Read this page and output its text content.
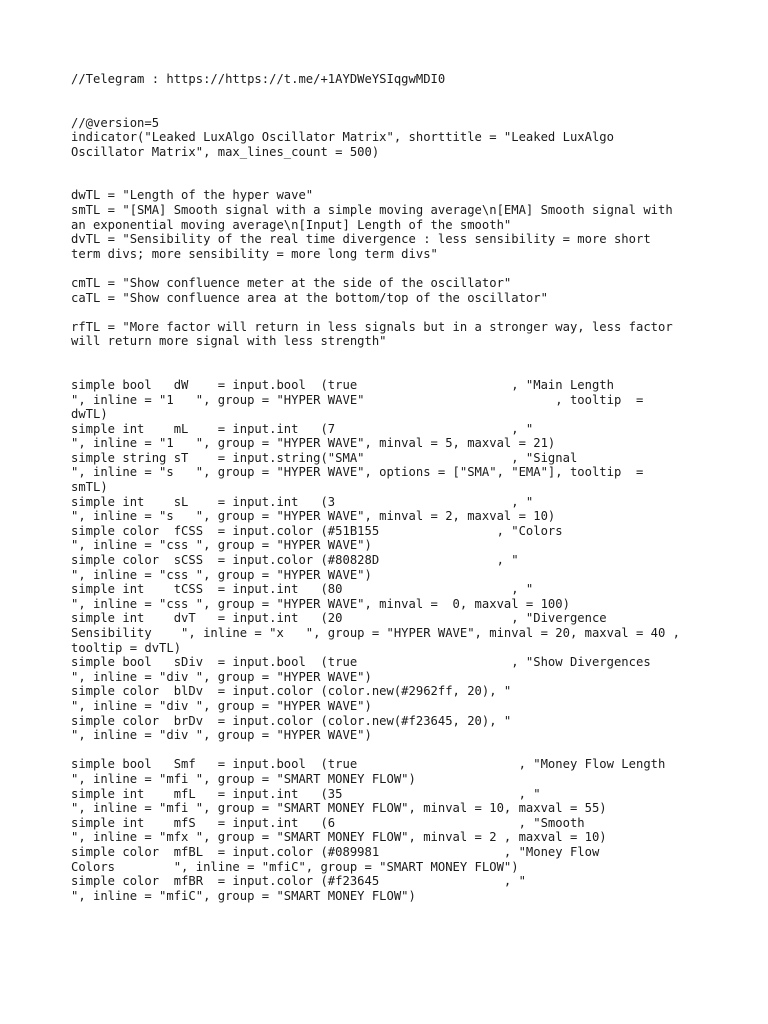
//Telegram : https://https://t.me/+1AYDWeYSIqgwMDI0
//@version=5
indicator("Leaked LuxAlgo Oscillator Matrix", shorttitle = "Leaked LuxAlgo
Oscillator Matrix", max_lines_count = 500)
dwTL = "Length of the hyper wave"
smTL = "[SMA] Smooth signal with a simple moving average\n[EMA] Smooth signal with
an exponential moving average\n[Input] Length of the smooth"
dvTL = "Sensibility of the real time divergence : less sensibility = more short
term divs; more sensibility = more long term divs"
cmTL = "Show confluence meter at the side of the oscillator"
caTL = "Show confluence area at the bottom/top of the oscillator"
rfTL = "More factor will return in less signals but in a stronger way, less factor
will return more signal with less strength"
simple bool   dW    = input.bool  (true                     , "Main Length
", inline = "1   ", group = "HYPER WAVE"                          , tooltip  =
dwTL)
simple int    mL    = input.int   (7                        , "
", inline = "1   ", group = "HYPER WAVE", minval = 5, maxval = 21)
simple string sT    = input.string("SMA"                    , "Signal
", inline = "s   ", group = "HYPER WAVE", options = ["SMA", "EMA"], tooltip  =
smTL)
simple int    sL    = input.int   (3                        , "
", inline = "s   ", group = "HYPER WAVE", minval = 2, maxval = 10)
simple color  fCSS  = input.color (#51B155                , "Colors
", inline = "css ", group = "HYPER WAVE")
simple color  sCSS  = input.color (#80828D                , "
", inline = "css ", group = "HYPER WAVE")
simple int    tCSS  = input.int   (80                       , "
", inline = "css ", group = "HYPER WAVE", minval =  0, maxval = 100)
simple int    dvT   = input.int   (20                       , "Divergence
Sensibility    ", inline = "x   ", group = "HYPER WAVE", minval = 20, maxval = 40 ,
tooltip = dvTL)
simple bool   sDiv  = input.bool  (true                     , "Show Divergences
", inline = "div ", group = "HYPER WAVE")
simple color  blDv  = input.color (color.new(#2962ff, 20), "
", inline = "div ", group = "HYPER WAVE")
simple color  brDv  = input.color (color.new(#f23645, 20), "
", inline = "div ", group = "HYPER WAVE")
simple bool   Smf   = input.bool  (true                      , "Money Flow Length
", inline = "mfi ", group = "SMART MONEY FLOW")
simple int    mfL   = input.int   (35                        , "
", inline = "mfi ", group = "SMART MONEY FLOW", minval = 10, maxval = 55)
simple int    mfS   = input.int   (6                         , "Smooth
", inline = "mfx ", group = "SMART MONEY FLOW", minval = 2 , maxval = 10)
simple color  mfBL  = input.color (#089981                 , "Money Flow
Colors        ", inline = "mfiC", group = "SMART MONEY FLOW")
simple color  mfBR  = input.color (#f23645                 , "
", inline = "mfiC", group = "SMART MONEY FLOW")
